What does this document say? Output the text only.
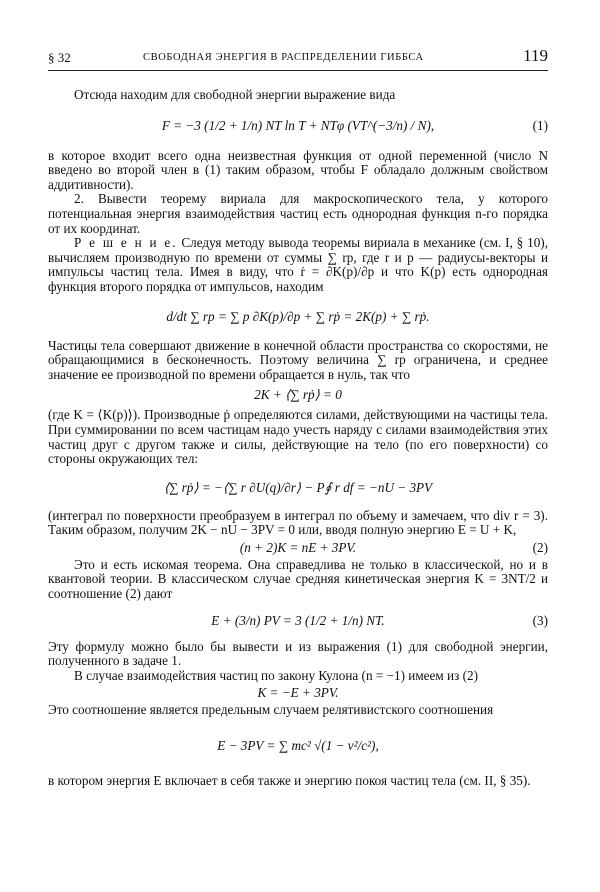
§ 32	СВОБОДНАЯ ЭНЕРГИЯ В РАСПРЕДЕЛЕНИИ ГИББСА	119

Отсюда находим для свободной энергии выражение вида

F = −3 (1/2 + 1/n) NT ln T + NTφ (VT^(−3/n) / N),	(1)

в которое входит всего одна неизвестная функция от одной переменной (число N введено во второй член в (1) таким образом, чтобы F обладало должным свойством аддитивности).

2. Вывести теорему вириала для макроскопического тела, у которого потенциальная энергия взаимодействия частиц есть однородная функция n-го порядка от их координат.

Р е ш е н и е. Следуя методу вывода теоремы вириала в механике (см. I, § 10), вычисляем производную по времени от суммы ∑ rp, где r и p — радиусы-векторы и импульсы частиц тела. Имея в виду, что ṙ = ∂K(p)/∂p и что K(p) есть однородная функция второго порядка от импульсов, находим

d/dt ∑ rp = ∑ p ∂K(p)/∂p + ∑ rṗ = 2K(p) + ∑ rṗ.

Частицы тела совершают движение в конечной области пространства со скоростями, не обращающимися в бесконечность. Поэтому величина ∑ rp ограничена, и среднее значение ее производной по времени обращается в нуль, так что

2K + ⟨∑ rṗ⟩ = 0

(где K = ⟨K(p)⟩). Производные ṗ определяются силами, действующими на частицы тела. При суммировании по всем частицам надо учесть наряду с силами взаимодействия этих частиц друг с другом также и силы, действующие на тело (по его поверхности) со стороны окружающих тел:

⟨∑ rṗ⟩ = −⟨∑ r ∂U(q)/∂r⟩ − P∮ r df = −nU − 3PV

(интеграл по поверхности преобразуем в интеграл по объему и замечаем, что div r = 3). Таким образом, получим 2K − nU − 3PV = 0 или, вводя полную энергию E = U + K,

(n + 2)K = nE + 3PV.	(2)

Это и есть искомая теорема. Она справедлива не только в классической, но и в квантовой теории. В классическом случае средняя кинетическая энергия K = 3NT/2 и соотношение (2) дают

E + (3/n) PV = 3 (1/2 + 1/n) NT.	(3)

Эту формулу можно было бы вывести и из выражения (1) для свободной энергии, полученного в задаче 1.

В случае взаимодействия частиц по закону Кулона (n = −1) имеем из (2)

K = −E + 3PV.

Это соотношение является предельным случаем релятивистского соотношения

E − 3PV = ∑ mc² √(1 − v²/c²),

в котором энергия E включает в себя также и энергию покоя частиц тела (см. II, § 35).
